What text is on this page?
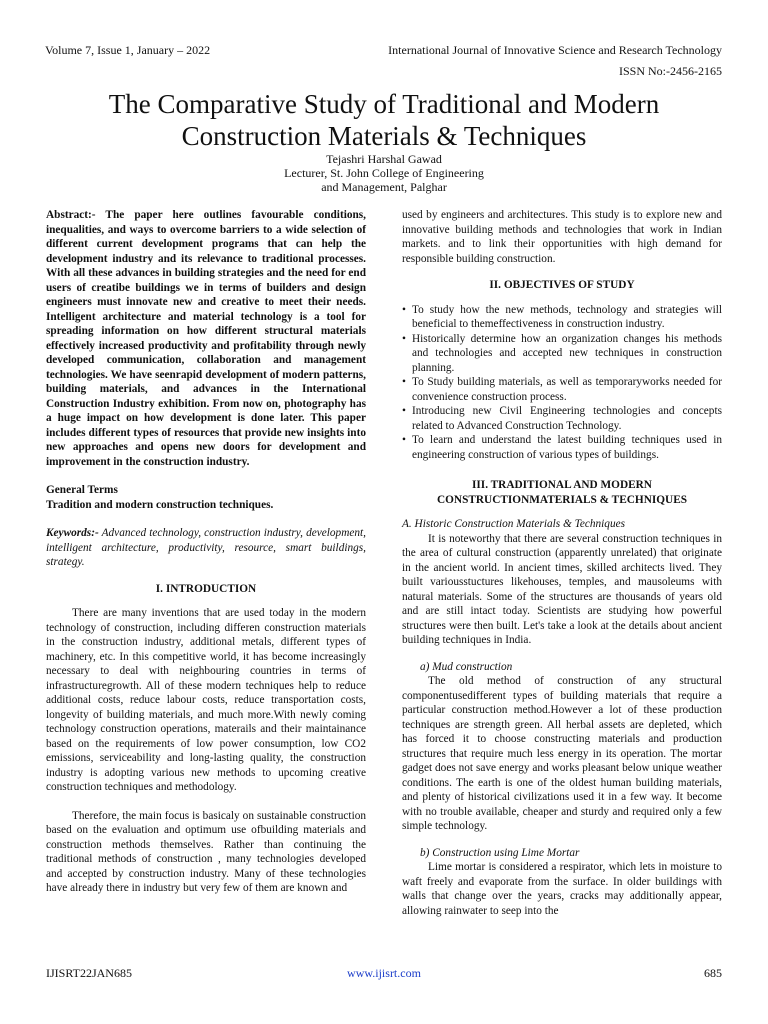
Volume 7, Issue 1, January – 2022	International Journal of Innovative Science and Research Technology
ISSN No:-2456-2165
The Comparative Study of Traditional and Modern Construction Materials & Techniques
Tejashri Harshal Gawad
Lecturer, St. John College of Engineering
and Management, Palghar

Abstract:- The paper here outlines favourable conditions, inequalities, and ways to overcome barriers to a wide selection of different current development programs that can help the development industry and its relevance to traditional processes. With all these advances in building strategies and the need for end users of creatibe buildings we in terms of builders and design engineers must innovate new and creative to meet their needs. Intelligent architecture and material technology is a tool for spreading information on how different structural materials effectively increased productivity and profitability through newly developed communication, collaboration and management technologies. We have seenrapid development of modern patterns, building materials, and advances in the International Construction Industry exhibition. From now on, photography has a huge impact on how development is done later. This paper includes different types of resources that provide new insights into new approaches and opens new doors for development and improvement in the construction industry.

General Terms

Tradition and modern construction techniques.

Keywords:- Advanced technology, construction industry, development, intelligent architecture, productivity, resource, smart buildings, strategy.

I. INTRODUCTION

There are many inventions that are used today in the modern technology of construction, including differen construction materials in the construction industry, additional metals, different types of machinery, etc. In this competitive world, it has become increasingly necessary to deal with neighbouring countries in terms of infrastructuregrowth. All of these modern techniques help to reduce additional costs, reduce labour costs, reduce transportation costs, longevity of building materials, and much more.With newly coming technology construction operations, materails and their maintainance based on the requirements of low power consumption, low CO2 emissions, serviceability and long-lasting quality, the construction industry is adopting various new methods to upcoming creative construction techniques and methodology.

Therefore, the main focus is basicaly on sustainable construction based on the evaluation and optimum use ofbuilding materials and construction methods themselves. Rather than continuing the traditional methods of construction , many technologies developed and accepted by construction industry. Many of these technologies have already there in industry but very few of them are known and

used by engineers and architectures. This study is to explore new and innovative building methods and technologies that work in Indian markets. and to link their opportunities with high demand for responsible building construction.

II. OBJECTIVES OF STUDY
• To study how the new methods, technology and strategies will beneficial to themeffectiveness in construction industry.
• Historically determine how an organization changes his methods and technologies and accepted new techniques in construction planning.
• To Study building materials, as well as temporaryworks needed for convenience construction process.
• Introducing new Civil Engineering technologies and concepts related to Advanced Construction Technology.
• To learn and understand the latest building techniques used in engineering construction of various types of buildings.
III. TRADITIONAL AND MODERN
CONSTRUCTIONMATERIALS & TECHNIQUES

A. Historic Construction Materials & Techniques

It is noteworthy that there are several construction techniques in the area of cultural construction (apparently unrelated) that originate in the ancient world. In ancient times, skilled architects lived. They built variousstuctures likehouses, temples, and mausoleums with natural materials. Some of the structures are thousands of years old and are still intact today. Scientists are studying how powerful structures were then built. Let's take a look at the details about ancient building techniques in India.

a) Mud construction

The old method of construction of any structural componentusedifferent types of building materials that require a particular construction method.However a lot of these production techniques are strength green. All herbal assets are depleted, which has forced it to choose constructing materials and production structures that require much less energy in its operation. The mortar gadget does not save energy and works pleasant below unique weather conditions. The earth is one of the oldest human building materials, and plenty of historical civilizations used it in a few way. It become with no trouble available, cheaper and sturdy and required only a few simple technology.

b) Construction using Lime Mortar

Lime mortar is considered a respirator, which lets in moisture to waft freely and evaporate from the surface. In older buildings with walls that change over the years, cracks may additionally appear, allowing rainwater to seep into the

IJISRT22JAN685	www.ijisrt.com	685
